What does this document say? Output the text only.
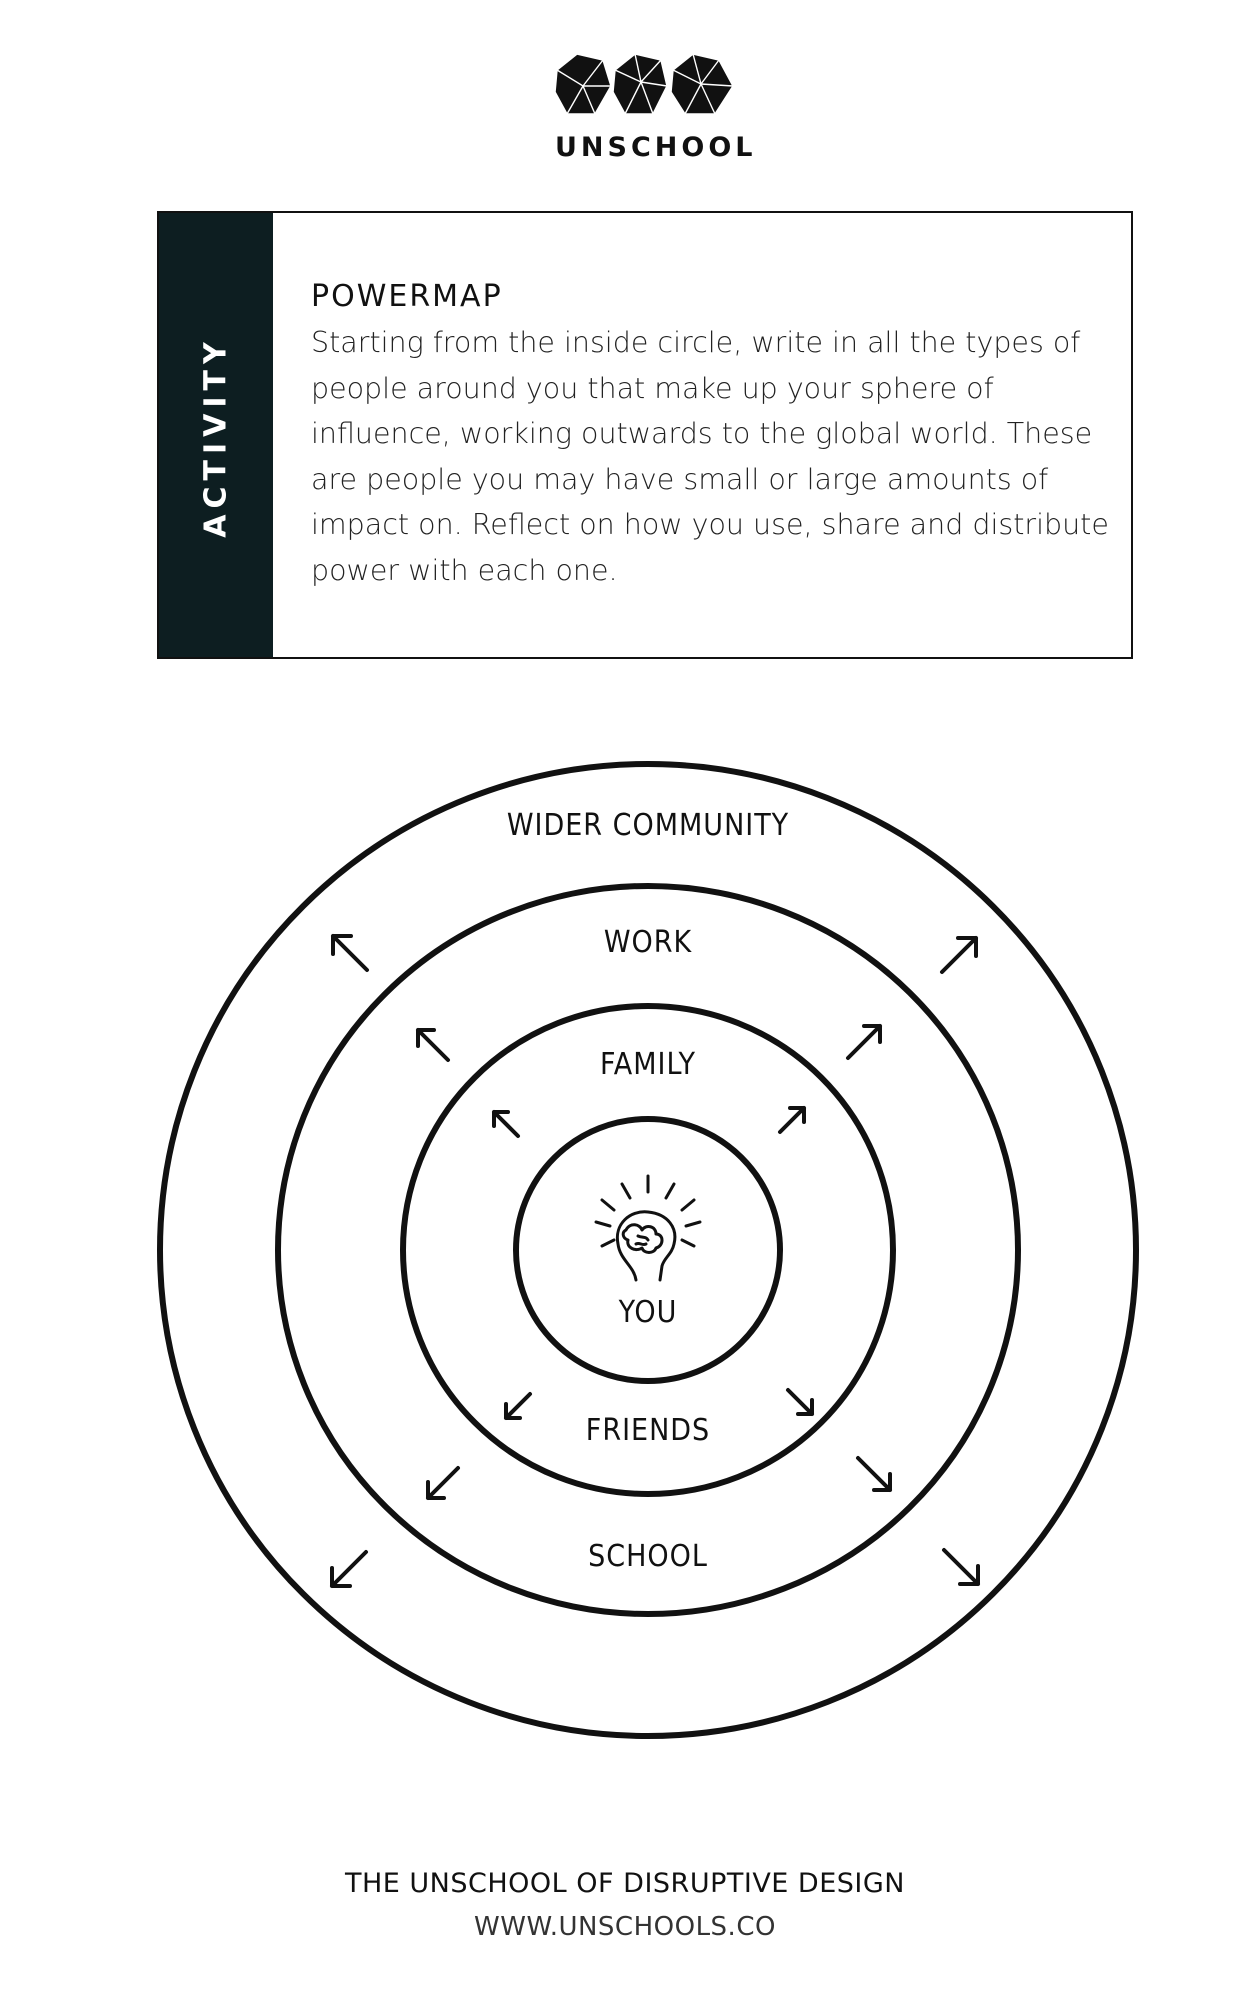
UNSCHOOL
ACTIVITY
POWERMAP

Starting from the inside circle, write in all the types of people around you that make up your sphere of influence, working outwards to the global world. These are people you may have small or large amounts of impact on. Reflect on how you use, share and distribute power with each one.

WIDER COMMUNITY
WORK
FAMILY
YOU
FRIENDS
SCHOOL
THE UNSCHOOL OF DISRUPTIVE DESIGN
WWW.UNSCHOOLS.CO
